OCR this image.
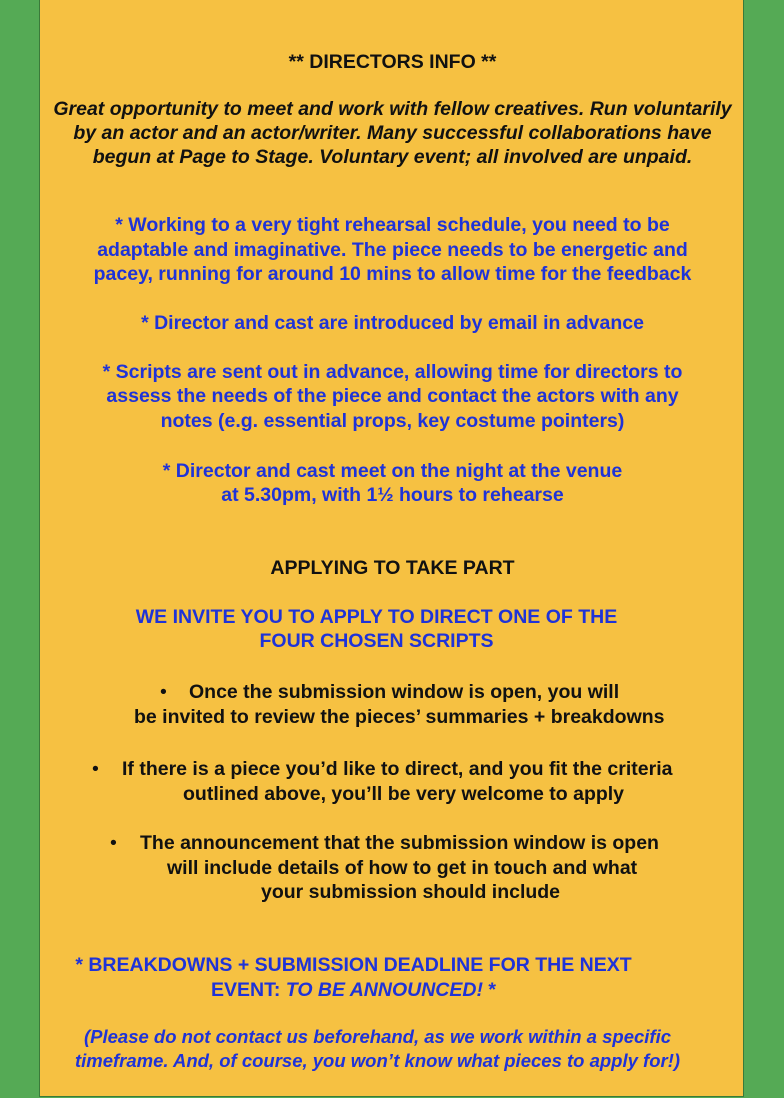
** DIRECTORS INFO **
Great opportunity to meet and work with fellow creatives. Run voluntarily
by an actor and an actor/writer. Many successful collaborations have
begun at Page to Stage. Voluntary event; all involved are unpaid.
* Working to a very tight rehearsal schedule, you need to be
adaptable and imaginative. The piece needs to be energetic and
pacey, running for around 10 mins to allow time for the feedback
* Director and cast are introduced by email in advance
* Scripts are sent out in advance, allowing time for directors to
assess the needs of the piece and contact the actors with any
notes (e.g. essential props, key costume pointers)
* Director and cast meet on the night at the venue
at 5.30pm, with 1½ hours to rehearse
APPLYING TO TAKE PART
WE INVITE YOU TO APPLY TO DIRECT ONE OF THE
FOUR CHOSEN SCRIPTS
• Once the submission window is open, you will
be invited to review the pieces’ summaries + breakdowns
• If there is a piece you’d like to direct, and you fit the criteria
outlined above, you’ll be very welcome to apply
• The announcement that the submission window is open
will include details of how to get in touch and what
your submission should include
* BREAKDOWNS + SUBMISSION DEADLINE FOR THE NEXT
EVENT: TO BE ANNOUNCED! *
(Please do not contact us beforehand, as we work within a specific
timeframe. And, of course, you won’t know what pieces to apply for!)
